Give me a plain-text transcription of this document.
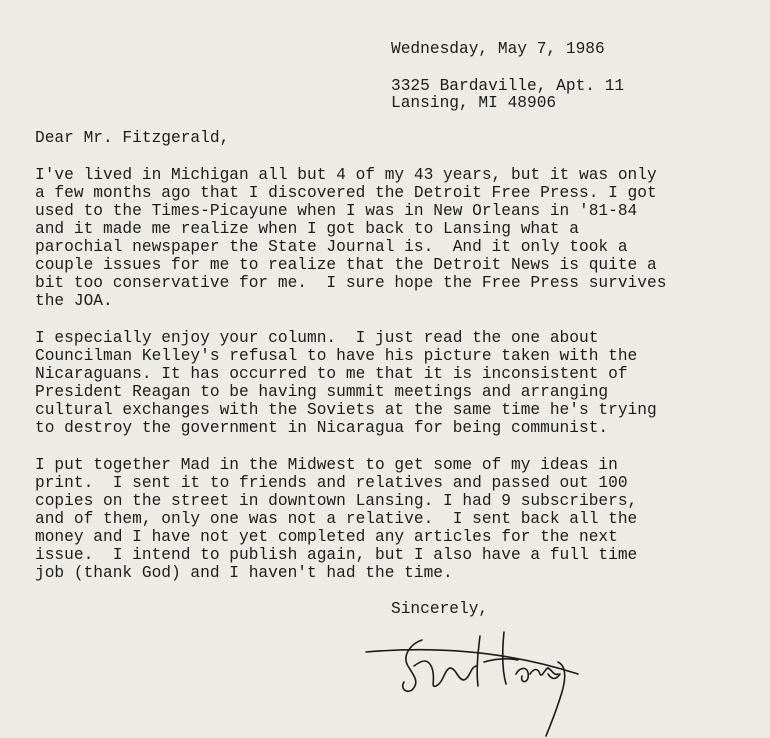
Wednesday, May 7, 1986
3325 Bardaville, Apt. 11
Lansing, MI 48906
Dear Mr. Fitzgerald,
I've lived in Michigan all but 4 of my 43 years, but it was only
a few months ago that I discovered the Detroit Free Press. I got
used to the Times-Picayune when I was in New Orleans in '81-84
and it made me realize when I got back to Lansing what a
parochial newspaper the State Journal is.  And it only took a
couple issues for me to realize that the Detroit News is quite a
bit too conservative for me.  I sure hope the Free Press survives
the JOA.
I especially enjoy your column.  I just read the one about
Councilman Kelley's refusal to have his picture taken with the
Nicaraguans. It has occurred to me that it is inconsistent of
President Reagan to be having summit meetings and arranging
cultural exchanges with the Soviets at the same time he's trying
to destroy the government in Nicaragua for being communist.
I put together Mad in the Midwest to get some of my ideas in
print.  I sent it to friends and relatives and passed out 100
copies on the street in downtown Lansing. I had 9 subscribers,
and of them, only one was not a relative.  I sent back all the
money and I have not yet completed any articles for the next
issue.  I intend to publish again, but I also have a full time
job (thank God) and I haven't had the time.
Sincerely,
